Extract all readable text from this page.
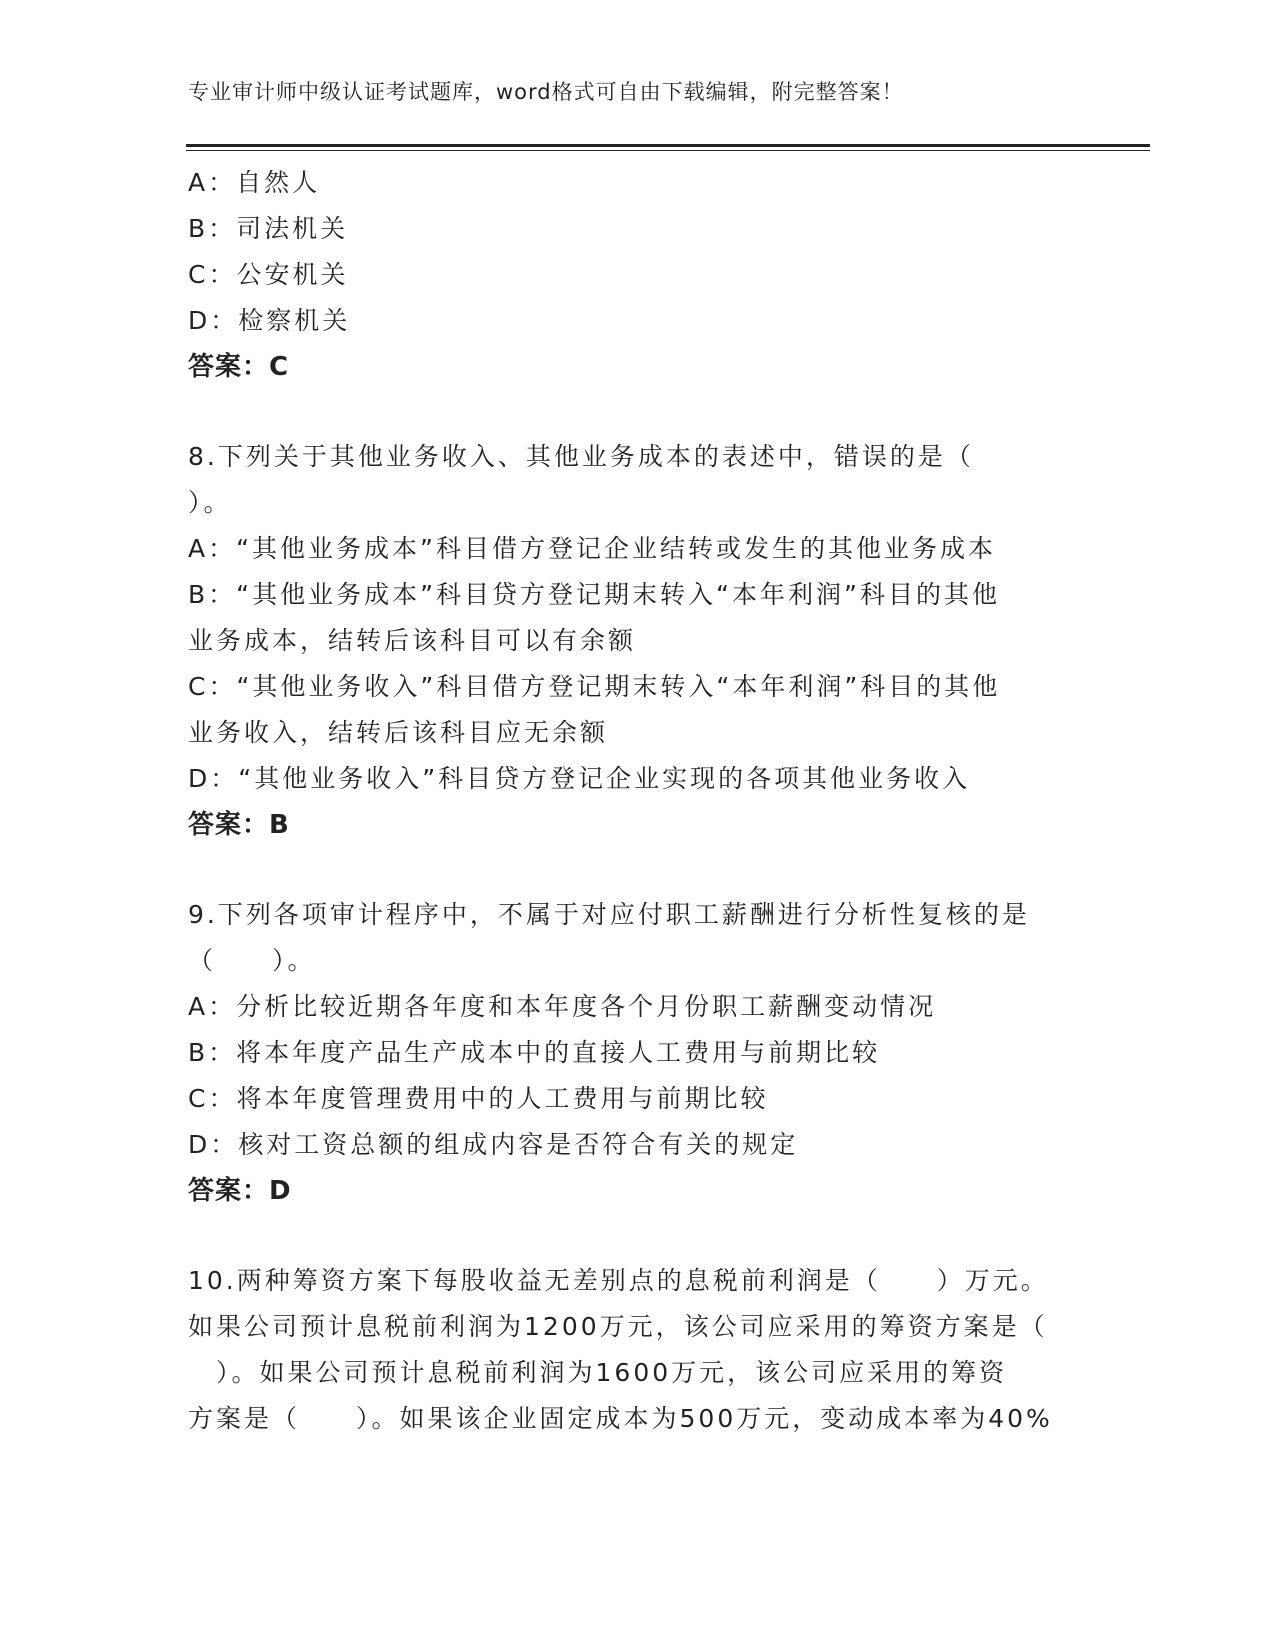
专业审计师中级认证考试题库，word格式可自由下载编辑，附完整答案！
A：自然人
B：司法机关
C：公安机关
D：检察机关
答案：C
8.下列关于其他业务收入、其他业务成本的表述中，错误的是（
）。
A：“其他业务成本”科目借方登记企业结转或发生的其他业务成本
B：“其他业务成本”科目贷方登记期末转入“本年利润”科目的其他
业务成本，结转后该科目可以有余额
C：“其他业务收入”科目借方登记期末转入“本年利润”科目的其他
业务收入，结转后该科目应无余额
D：“其他业务收入”科目贷方登记企业实现的各项其他业务收入
答案：B
9.下列各项审计程序中，不属于对应付职工薪酬进行分析性复核的是
（　　）。
A：分析比较近期各年度和本年度各个月份职工薪酬变动情况
B：将本年度产品生产成本中的直接人工费用与前期比较
C：将本年度管理费用中的人工费用与前期比较
D：核对工资总额的组成内容是否符合有关的规定
答案：D
10.两种筹资方案下每股收益无差别点的息税前利润是（　　）万元。
如果公司预计息税前利润为1200万元，该公司应采用的筹资方案是（
　）。如果公司预计息税前利润为1600万元，该公司应采用的筹资
方案是（　　）。如果该企业固定成本为500万元，变动成本率为40%
